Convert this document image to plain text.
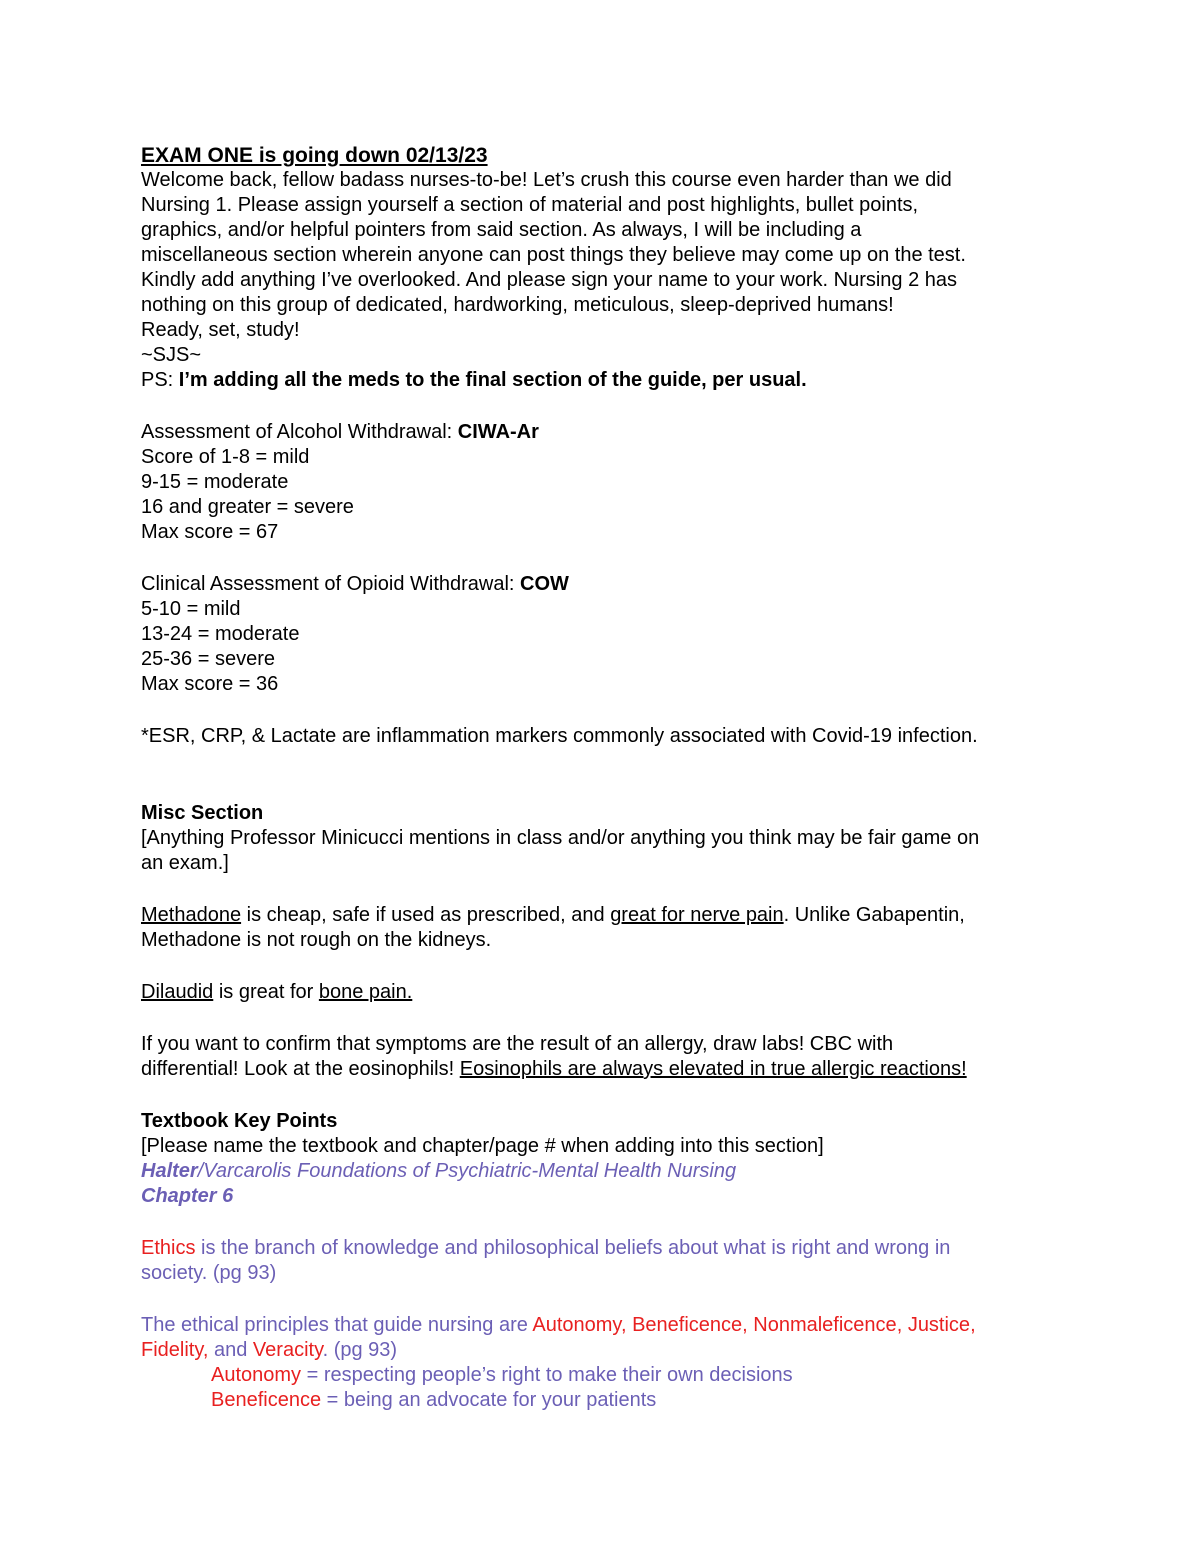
EXAM ONE is going down 02/13/23
Welcome back, fellow badass nurses-to-be! Let’s crush this course even harder than we did
Nursing 1. Please assign yourself a section of material and post highlights, bullet points,
graphics, and/or helpful pointers from said section. As always, I will be including a
miscellaneous section wherein anyone can post things they believe may come up on the test.
Kindly add anything I’ve overlooked. And please sign your name to your work. Nursing 2 has
nothing on this group of dedicated, hardworking, meticulous, sleep-deprived humans!
Ready, set, study!
~SJS~
PS: I’m adding all the meds to the final section of the guide, per usual.
Assessment of Alcohol Withdrawal: CIWA-Ar
Score of 1-8 = mild
9-15 = moderate
16 and greater = severe
Max score = 67
Clinical Assessment of Opioid Withdrawal: COW
5-10 = mild
13-24 = moderate
25-36 = severe
Max score = 36
*ESR, CRP, & Lactate are inflammation markers commonly associated with Covid-19 infection.
Misc Section
[Anything Professor Minicucci mentions in class and/or anything you think may be fair game on
an exam.]
Methadone is cheap, safe if used as prescribed, and great for nerve pain. Unlike Gabapentin,
Methadone is not rough on the kidneys.
Dilaudid is great for bone pain.
If you want to confirm that symptoms are the result of an allergy, draw labs! CBC with
differential! Look at the eosinophils! Eosinophils are always elevated in true allergic reactions!
Textbook Key Points
[Please name the textbook and chapter/page # when adding into this section]
Halter/Varcarolis Foundations of Psychiatric-Mental Health Nursing
Chapter 6
Ethics is the branch of knowledge and philosophical beliefs about what is right and wrong in
society. (pg 93)
The ethical principles that guide nursing are Autonomy, Beneficence, Nonmaleficence, Justice,
Fidelity, and Veracity. (pg 93)
Autonomy = respecting people’s right to make their own decisions
Beneficence = being an advocate for your patients
